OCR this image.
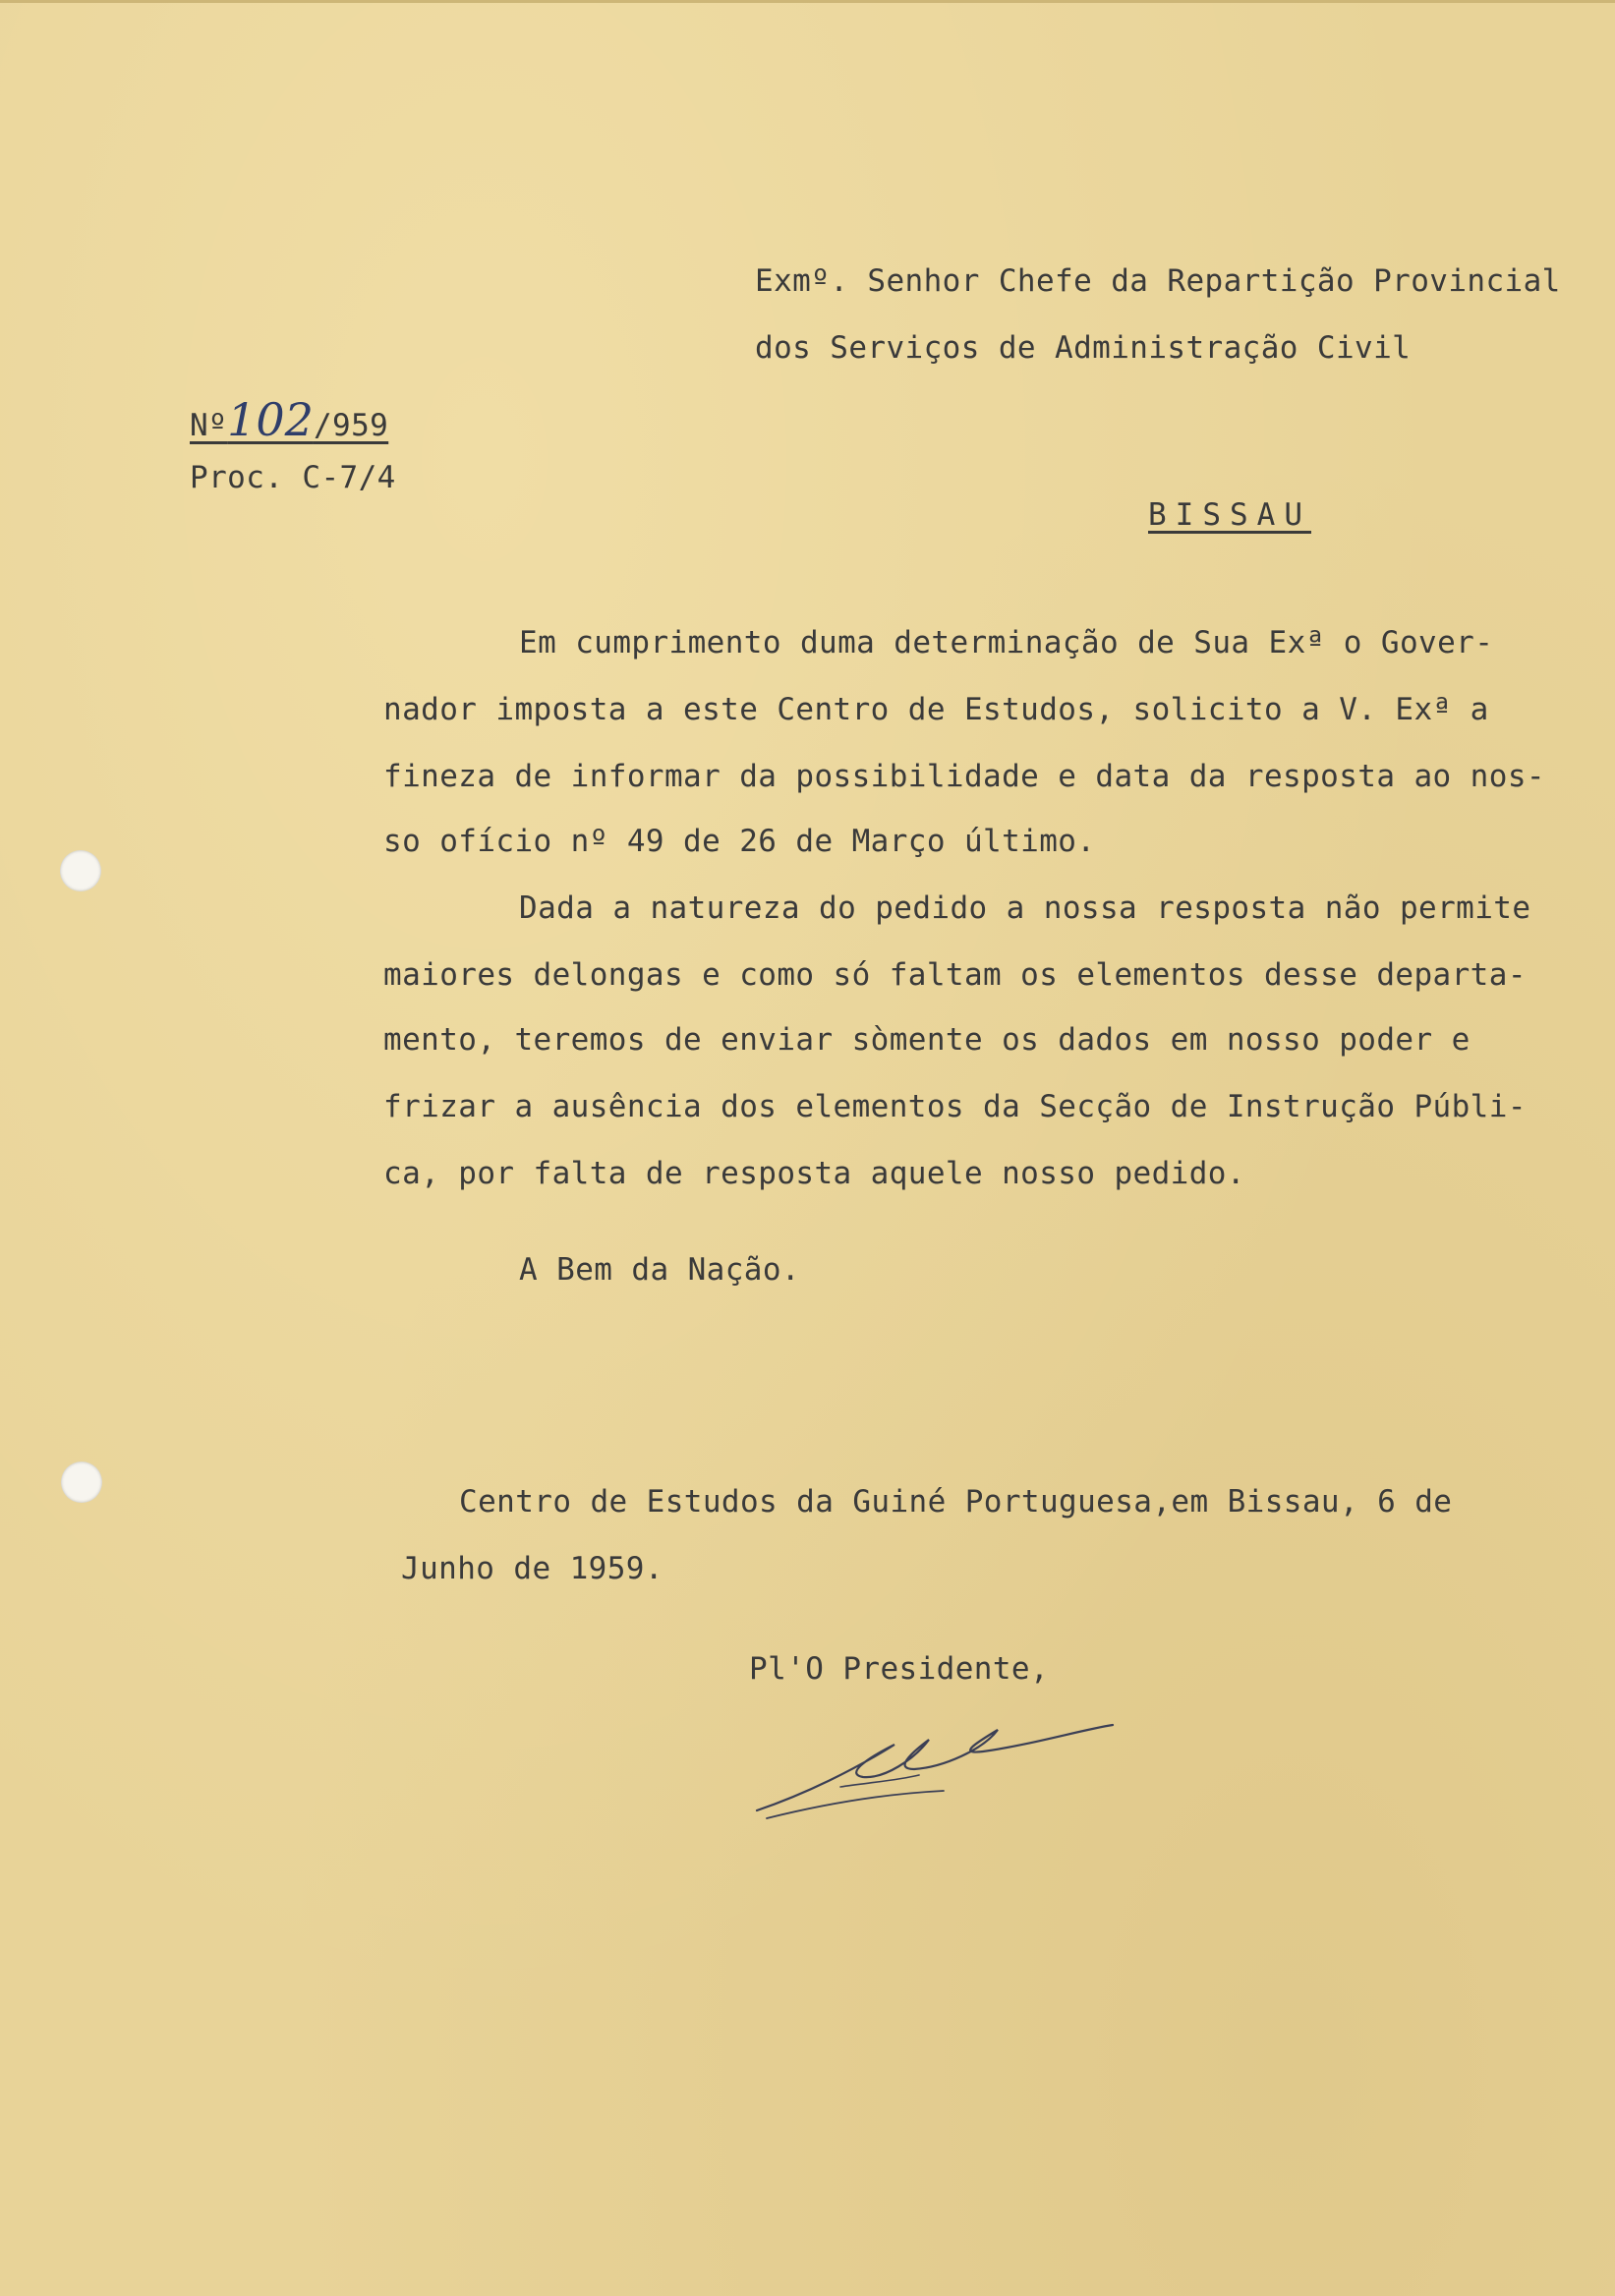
Exmº. Senhor Chefe da Repartição Provincial
dos Serviços de Administração Civil
Nº102/959
Proc. C-7/4
BISSAU
Em cumprimento duma determinação de Sua Exª o Gover-
nador imposta a este Centro de Estudos, solicito a V. Exª a
fineza de informar da possibilidade e data da resposta ao nos-
so ofício nº 49 de 26 de Março último.
Dada a natureza do pedido a nossa resposta não permite
maiores delongas e como só faltam os elementos desse departa-
mento, teremos de enviar sòmente os dados em nosso poder e
frizar a ausência dos elementos da Secção de Instrução Públi-
ca, por falta de resposta aquele nosso pedido.
A Bem da Nação.
Centro de Estudos da Guiné Portuguesa,em Bissau, 6 de
Junho de 1959.
Pl'O Presidente,
